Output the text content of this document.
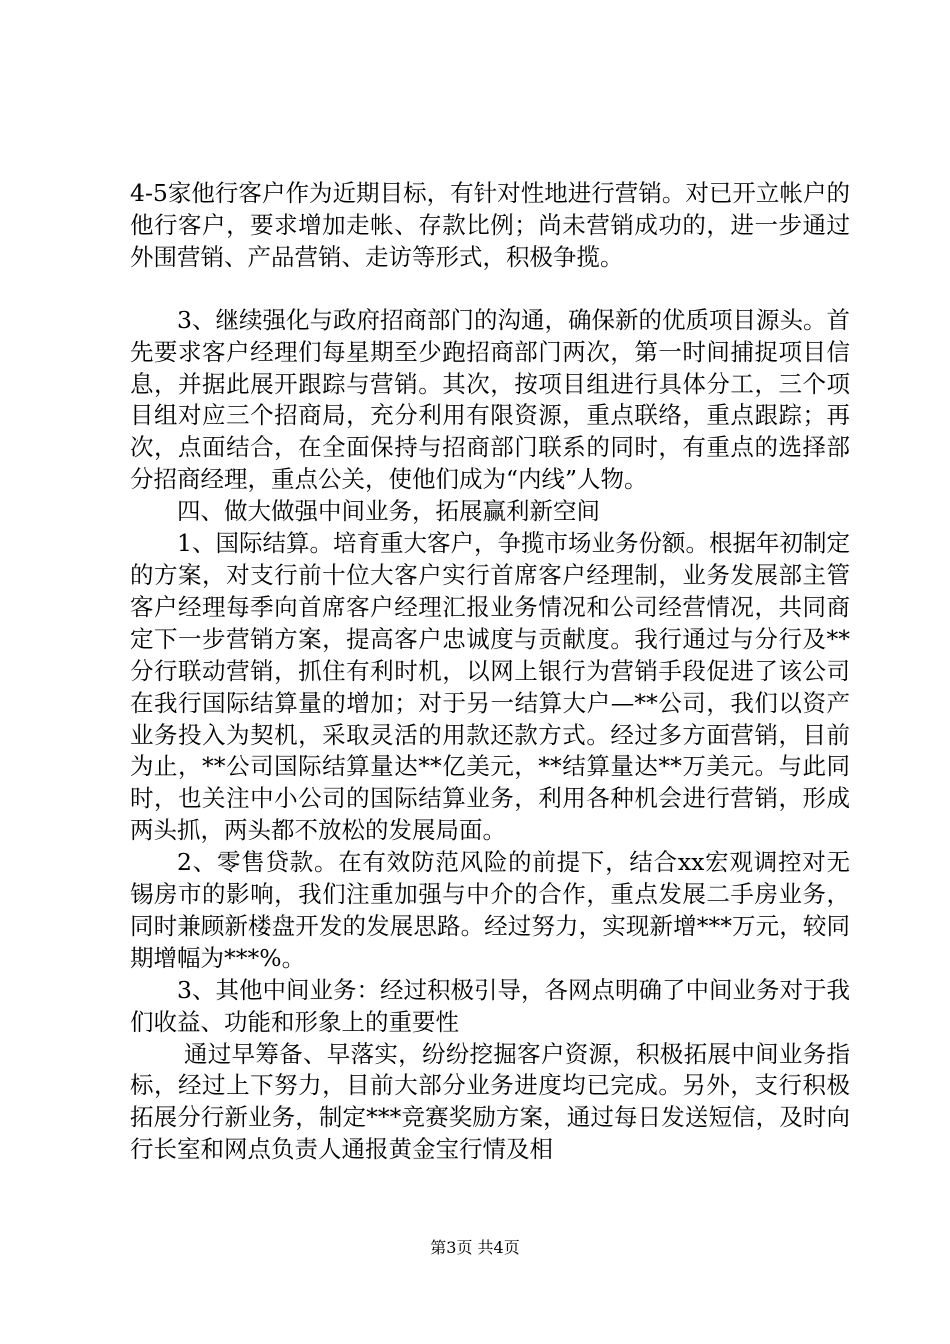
4-5家他行客户作为近期目标，有针对性地进行营销。对已开立帐户的他行客户，要求增加走帐、存款比例；尚未营销成功的，进一步通过外围营销、产品营销、走访等形式，积极争揽。

3、继续强化与政府招商部门的沟通，确保新的优质项目源头。首先要求客户经理们每星期至少跑招商部门两次，第一时间捕捉项目信息，并据此展开跟踪与营销。其次，按项目组进行具体分工，三个项目组对应三个招商局，充分利用有限资源，重点联络，重点跟踪；再次，点面结合，在全面保持与招商部门联系的同时，有重点的选择部分招商经理，重点公关，使他们成为“内线”人物。

四、做大做强中间业务，拓展赢利新空间

1、国际结算。培育重大客户，争揽市场业务份额。根据年初制定的方案，对支行前十位大客户实行首席客户经理制，业务发展部主管客户经理每季向首席客户经理汇报业务情况和公司经营情况，共同商定下一步营销方案，提高客户忠诚度与贡献度。我行通过与分行及**分行联动营销，抓住有利时机，以网上银行为营销手段促进了该公司在我行国际结算量的增加；对于另一结算大户—**公司，我们以资产业务投入为契机，采取灵活的用款还款方式。经过多方面营销，目前为止，**公司国际结算量达**亿美元，**结算量达**万美元。与此同时，也关注中小公司的国际结算业务，利用各种机会进行营销，形成两头抓，两头都不放松的发展局面。

2、零售贷款。在有效防范风险的前提下，结合xx宏观调控对无锡房市的影响，我们注重加强与中介的合作，重点发展二手房业务，同时兼顾新楼盘开发的发展思路。经过努力，实现新增***万元，较同期增幅为***%。

3、其他中间业务：经过积极引导，各网点明确了中间业务对于我们收益、功能和形象上的重要性

通过早筹备、早落实，纷纷挖掘客户资源，积极拓展中间业务指标，经过上下努力，目前大部分业务进度均已完成。另外，支行积极拓展分行新业务，制定***竞赛奖励方案，通过每日发送短信，及时向行长室和网点负责人通报黄金宝行情及相

第3页 共4页
